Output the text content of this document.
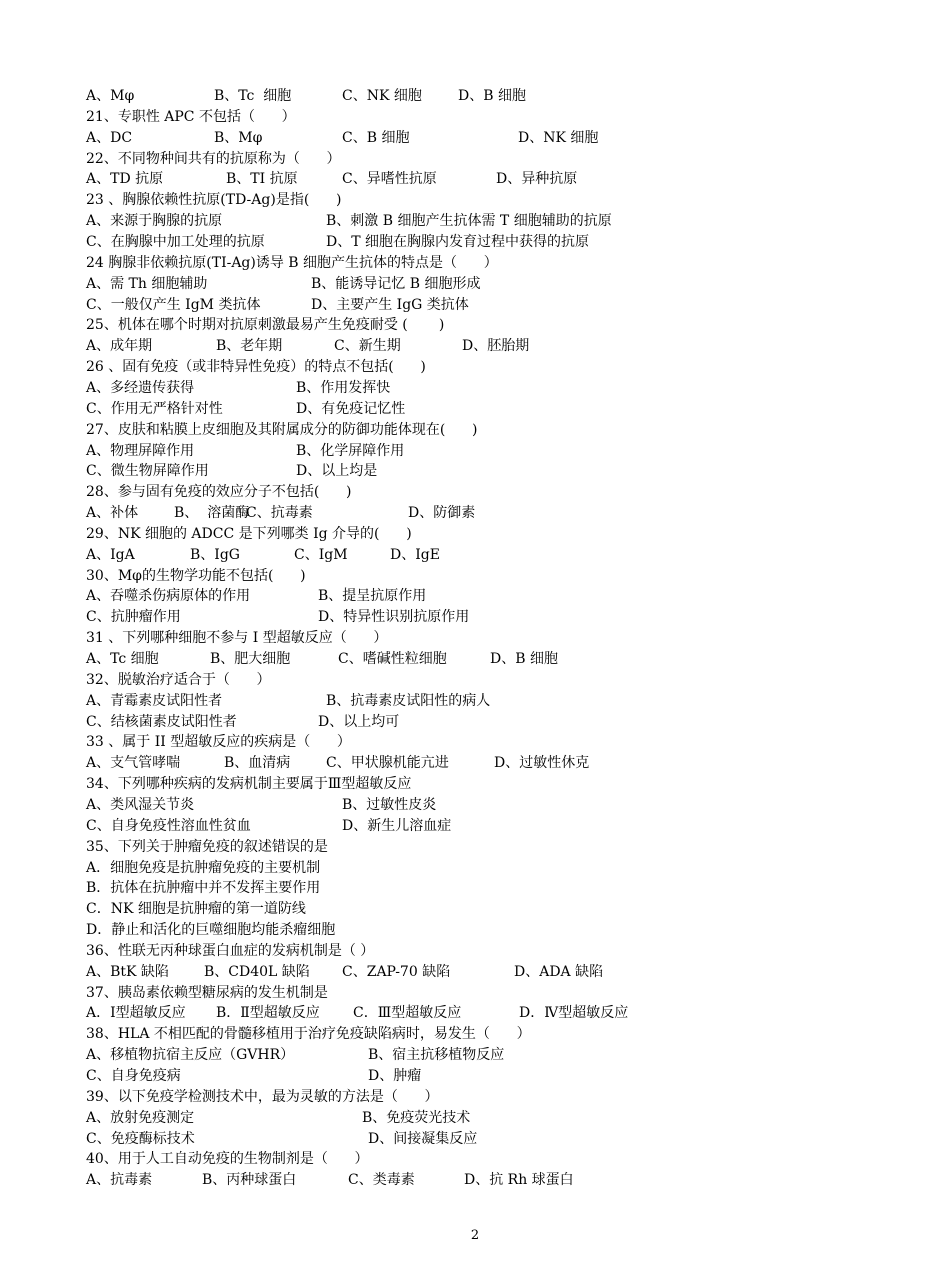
A、Mφ	B、Tc  细胞	C、NK 细胞	D、B 细胞
21、专职性 APC 不包括（      ）
A、DC	B、Mφ	C、B 细胞	D、NK 细胞
22、不同物种间共有的抗原称为（      ）
A、TD 抗原	B、TI 抗原	C、异嗜性抗原	D、异种抗原
23 、胸腺依赖性抗原(TD-Ag)是指(      )
A、来源于胸腺的抗原	B、刺激 B 细胞产生抗体需 T 细胞辅助的抗原
C、在胸腺中加工处理的抗原	D、T 细胞在胸腺内发育过程中获得的抗原
24 胸腺非依赖抗原(TI-Ag)诱导 B 细胞产生抗体的特点是（      ）
A、需 Th 细胞辅助	B、能诱导记忆 B 细胞形成
C、一般仅产生 IgM 类抗体	D、主要产生 IgG 类抗体
25、机体在哪个时期对抗原刺激最易产生免疫耐受 (       )
A、成年期	B、老年期	C、新生期	D、胚胎期
26 、固有免疫（或非特异性免疫）的特点不包括(      )
A、多经遗传获得	B、作用发挥快
C、作用无严格针对性	D、有免疫记忆性
27、皮肤和粘膜上皮细胞及其附属成分的防御功能体现在(      )
A、物理屏障作用	B、化学屏障作用
C、微生物屏障作用	D、以上均是
28、参与固有免疫的效应分子不包括(      )
A、补体	B、  溶菌酶
C、抗毒素	D、防御素
29、NK 细胞的 ADCC 是下列哪类 Ig 介导的(      )
A、IgA	B、IgG	C、IgM	D、IgE
30、Mφ的生物学功能不包括(      )
A、吞噬杀伤病原体的作用	B、提呈抗原作用
C、抗肿瘤作用	D、特异性识别抗原作用
31 、下列哪种细胞不参与 I 型超敏反应（      ）
A、Tc 细胞	B、肥大细胞	C、嗜碱性粒细胞	D、B 细胞
32、脱敏治疗适合于（      ）
A、青霉素皮试阳性者	B、抗毒素皮试阳性的病人
C、结核菌素皮试阳性者	D、以上均可
33 、属于 II 型超敏反应的疾病是（      ）
A、支气管哮喘	B、血清病	C、甲状腺机能亢进	D、过敏性休克
34、下列哪种疾病的发病机制主要属于Ⅲ型超敏反应
A、类风湿关节炎	B、过敏性皮炎
C、自身免疫性溶血性贫血	D、新生儿溶血症
35、下列关于肿瘤免疫的叙述错误的是
A．细胞免疫是抗肿瘤免疫的主要机制
B．抗体在抗肿瘤中并不发挥主要作用
C．NK 细胞是抗肿瘤的第一道防线
D．静止和活化的巨噬细胞均能杀瘤细胞
36、性联无丙种球蛋白血症的发病机制是（ ）
A、BtK 缺陷	B、CD40L 缺陷 C、ZAP-70 缺陷	D、ADA 缺陷
37、胰岛素依赖型糖尿病的发生机制是
A．Ⅰ型超敏反应 B．Ⅱ型超敏反应 C．Ⅲ型超敏反应	D．Ⅳ型超敏反应
38、HLA 不相匹配的骨髓移植用于治疗免疫缺陷病时，易发生（      ）
A、移植物抗宿主反应（GVHR）	B、宿主抗移植物反应
C、自身免疫病	D、肿瘤
39、以下免疫学检测技术中，最为灵敏的方法是（      ）
A、放射免疫测定	B、免疫荧光技术
C、免疫酶标技术	D、间接凝集反应
40、用于人工自动免疫的生物制剂是（      ）
A、抗毒素	B、丙种球蛋白	C、类毒素	D、抗 Rh 球蛋白
2
